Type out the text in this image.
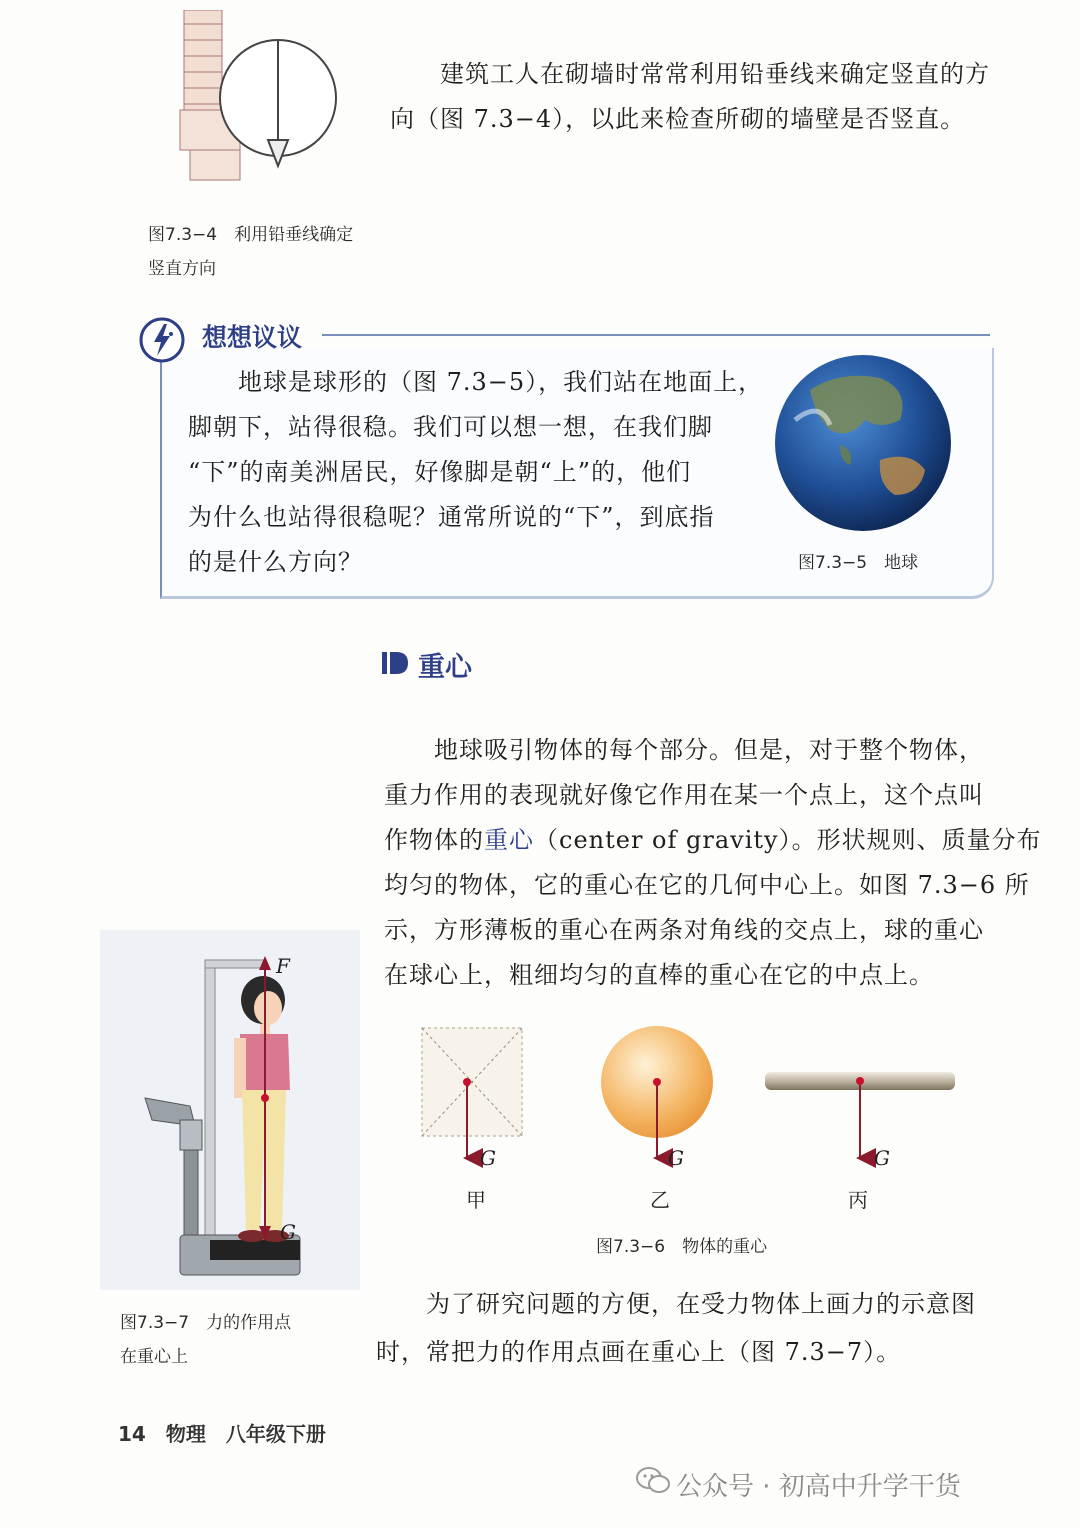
建筑工人在砌墙时常常利用铅垂线来确定竖直的方
向（图 7.3−4），以此来检查所砌的墙壁是否竖直。
图7.3−4　利用铅垂线确定
竖直方向
想想议议
地球是球形的（图 7.3−5），我们站在地面上，
脚朝下，站得很稳。我们可以想一想，在我们脚
“下”的南美洲居民，好像脚是朝“上”的，他们
为什么也站得很稳呢？通常所说的“下”，到底指
的是什么方向？	图7.3−5　地球
重心
地球吸引物体的每个部分。但是，对于整个物体，
重力作用的表现就好像它作用在某一个点上，这个点叫
作物体的重心（center of gravity）。形状规则、质量分布
均匀的物体，它的重心在它的几何中心上。如图 7.3−6 所
示，方形薄板的重心在两条对角线的交点上，球的重心
在球心上，粗细均匀的直棒的重心在它的中点上。
G	G	G
甲	乙	丙
图7.3−6　物体的重心
F
G
图7.3−7　力的作用点
在重心上
为了研究问题的方便，在受力物体上画力的示意图
时，常把力的作用点画在重心上（图 7.3−7）。
14　物理　八年级下册
公众号 · 初高中升学干货
